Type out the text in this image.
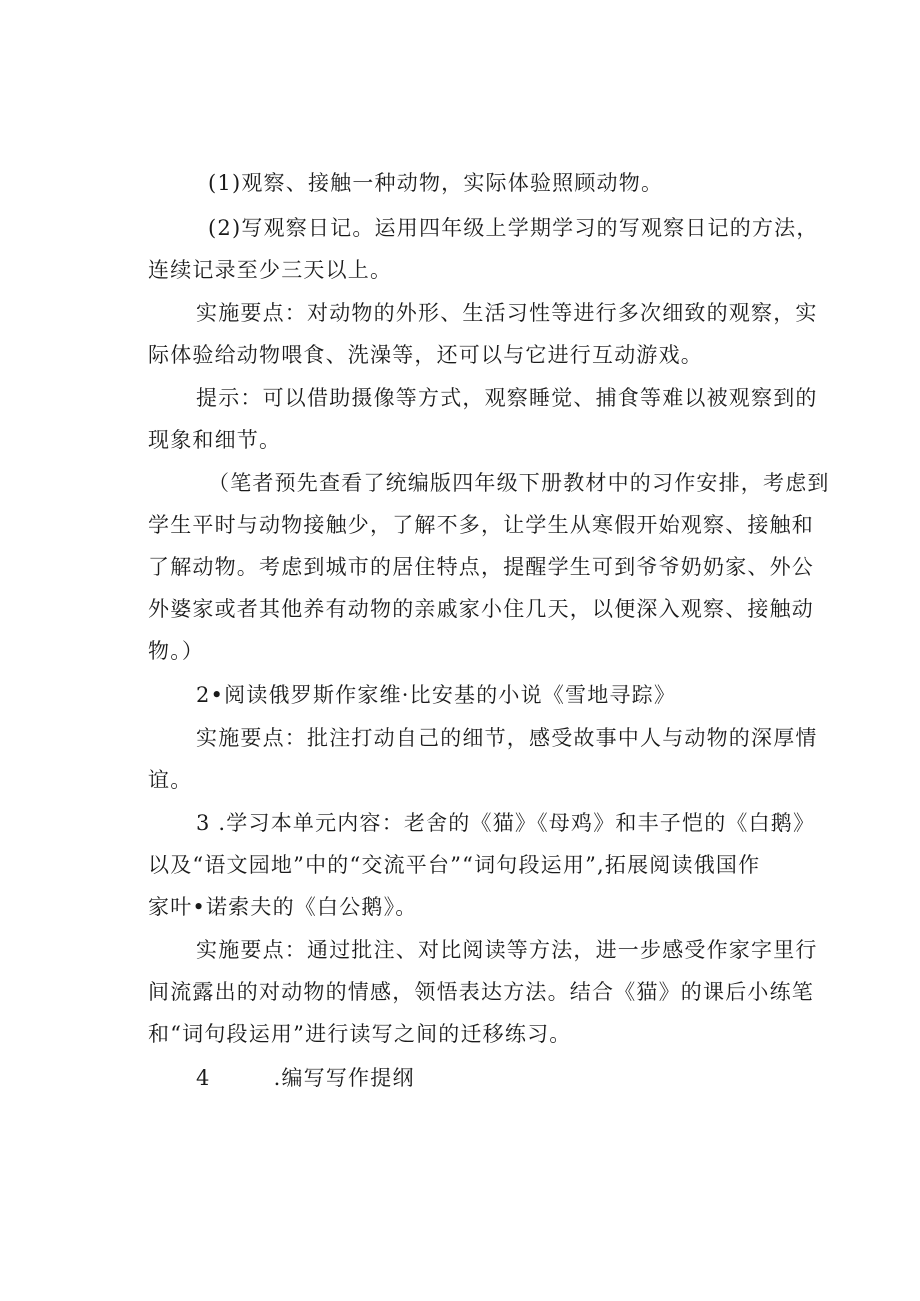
(1)观察、接触一种动物，实际体验照顾动物。
(2)写观察日记。运用四年级上学期学习的写观察日记的方法，
连续记录至少三天以上。
实施要点：对动物的外形、生活习性等进行多次细致的观察，实
际体验给动物喂食、洗澡等，还可以与它进行互动游戏。
提示：可以借助摄像等方式，观察睡觉、捕食等难以被观察到的
现象和细节。
（笔者预先查看了统编版四年级下册教材中的习作安排，考虑到
学生平时与动物接触少，了解不多，让学生从寒假开始观察、接触和
了解动物。考虑到城市的居住特点，提醒学生可到爷爷奶奶家、外公
外婆家或者其他养有动物的亲戚家小住几天，以便深入观察、接触动
物。）
2•阅读俄罗斯作家维·比安基的小说《雪地寻踪》
实施要点：批注打动自己的细节，感受故事中人与动物的深厚情
谊。
3 .学习本单元内容：老舍的《猫》《母鸡》和丰子恺的《白鹅》
以及“语文园地”中的“交流平台”“词句段运用”,拓展阅读俄国作
家叶•诺索夫的《白公鹅》。
实施要点：通过批注、对比阅读等方法，进一步感受作家字里行
间流露出的对动物的情感，领悟表达方法。结合《猫》的课后小练笔
和“词句段运用”进行读写之间的迁移练习。
4        .编写写作提纲
